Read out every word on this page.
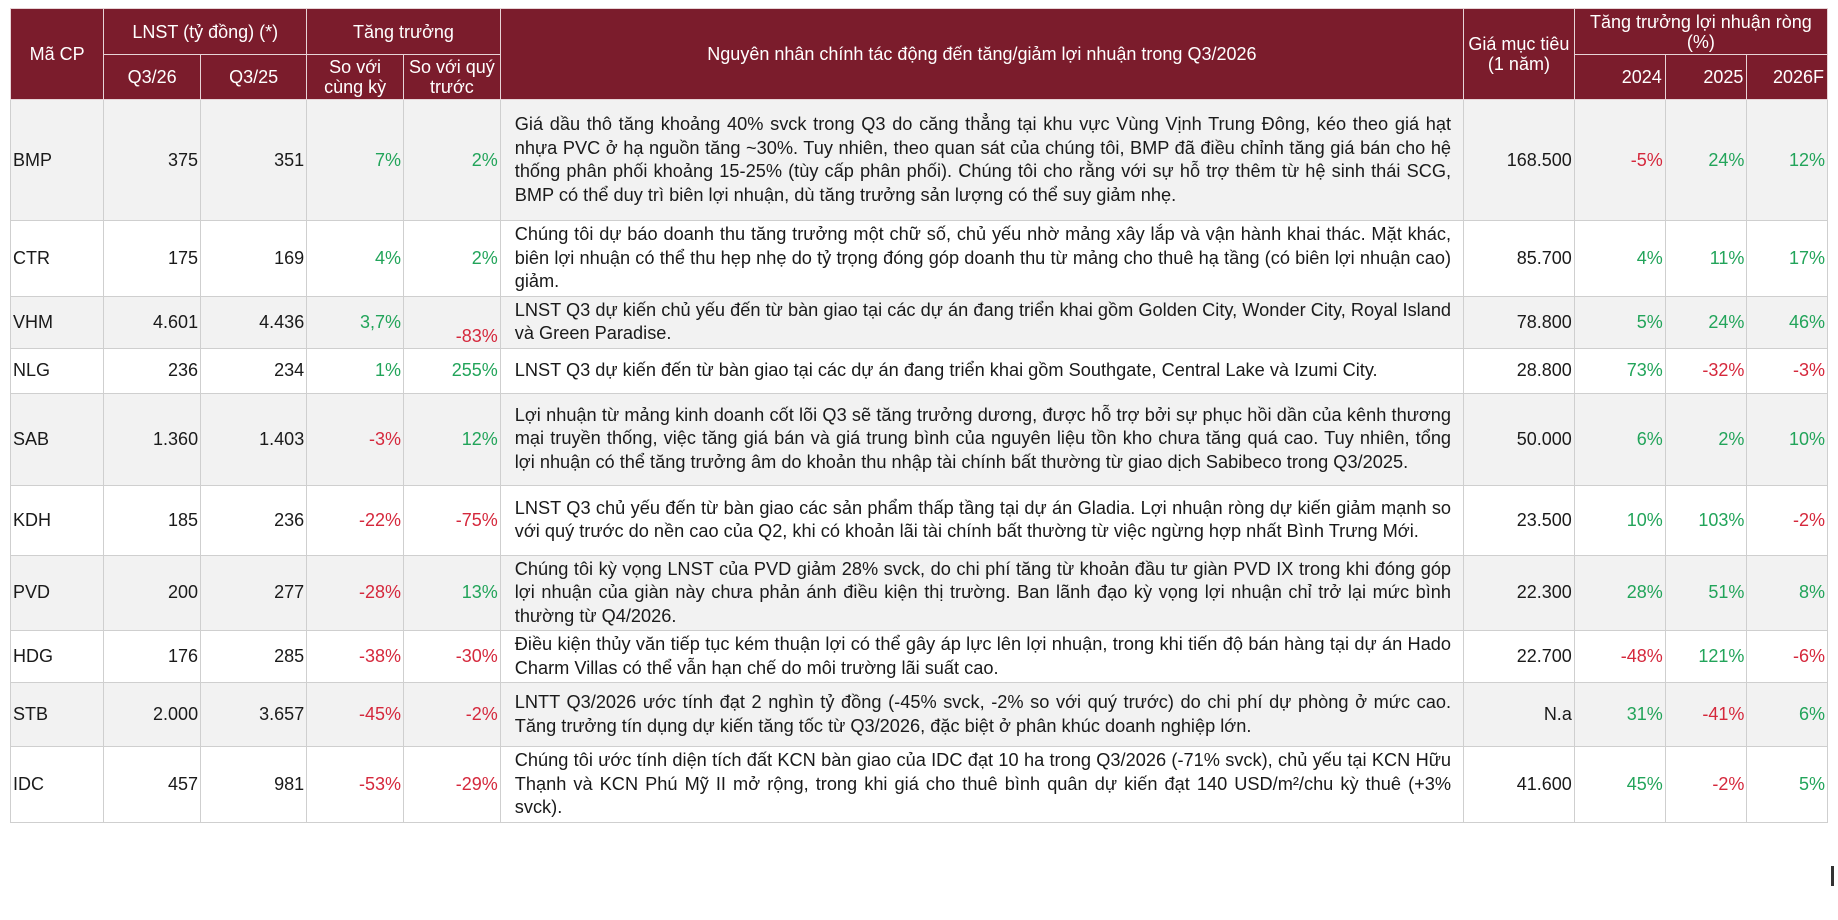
Mã CP	LNST (tỷ đồng) (*)		Tăng trưởng		Nguyên nhân chính tác động đến tăng/giảm lợi nhuận trong Q3/2026	Giá mục tiêu (1 năm)	Tăng trưởng lợi nhuận ròng (%)		
	Q3/26	Q3/25	So với cùng kỳ	So với quý trước			2024	2025	2026F
BMP	375	351	7%	2%	Giá dầu thô tăng khoảng 40% svck trong Q3 do căng thẳng tại khu vực Vùng Vịnh Trung Đông, kéo theo giá hạt nhựa PVC ở hạ nguồn tăng ~30%. Tuy nhiên, theo quan sát của chúng tôi, BMP đã điều chỉnh tăng giá bán cho hệ thống phân phối khoảng 15-25% (tùy cấp phân phối). Chúng tôi cho rằng với sự hỗ trợ thêm từ hệ sinh thái SCG, BMP có thể duy trì biên lợi nhuận, dù tăng trưởng sản lượng có thể suy giảm nhẹ.	168.500	-5%	24%	12%
CTR	175	169	4%	2%	Chúng tôi dự báo doanh thu tăng trưởng một chữ số, chủ yếu nhờ mảng xây lắp và vận hành khai thác. Mặt khác, biên lợi nhuận có thể thu hẹp nhẹ do tỷ trọng đóng góp doanh thu từ mảng cho thuê hạ tầng (có biên lợi nhuận cao) giảm.	85.700	4%	11%	17%
VHM	4.601	4.436	3,7%	-83%	LNST Q3 dự kiến chủ yếu đến từ bàn giao tại các dự án đang triển khai gồm Golden City, Wonder City, Royal Island và Green Paradise.	78.800	5%	24%	46%
NLG	236	234	1%	255%	LNST Q3 dự kiến đến từ bàn giao tại các dự án đang triển khai gồm Southgate, Central Lake và Izumi City.	28.800	73%	-32%	-3%
SAB	1.360	1.403	-3%	12%	Lợi nhuận từ mảng kinh doanh cốt lõi Q3 sẽ tăng trưởng dương, được hỗ trợ bởi sự phục hồi dần của kênh thương mại truyền thống, việc tăng giá bán và giá trung bình của nguyên liệu tồn kho chưa tăng quá cao. Tuy nhiên, tổng lợi nhuận có thể tăng trưởng âm do khoản thu nhập tài chính bất thường từ giao dịch Sabibeco trong Q3/2025.	50.000	6%	2%	10%
KDH	185	236	-22%	-75%	LNST Q3 chủ yếu đến từ bàn giao các sản phẩm thấp tầng tại dự án Gladia. Lợi nhuận ròng dự kiến giảm mạnh so với quý trước do nền cao của Q2, khi có khoản lãi tài chính bất thường từ việc ngừng hợp nhất Bình Trưng Mới.	23.500	10%	103%	-2%
PVD	200	277	-28%	13%	Chúng tôi kỳ vọng LNST của PVD giảm 28% svck, do chi phí tăng từ khoản đầu tư giàn PVD IX trong khi đóng góp lợi nhuận của giàn này chưa phản ánh điều kiện thị trường. Ban lãnh đạo kỳ vọng lợi nhuận chỉ trở lại mức bình thường từ Q4/2026.	22.300	28%	51%	8%
HDG	176	285	-38%	-30%	Điều kiện thủy văn tiếp tục kém thuận lợi có thể gây áp lực lên lợi nhuận, trong khi tiến độ bán hàng tại dự án Hado Charm Villas có thể vẫn hạn chế do môi trường lãi suất cao.	22.700	-48%	121%	-6%
STB	2.000	3.657	-45%	-2%	LNTT Q3/2026 ước tính đạt 2 nghìn tỷ đồng (-45% svck, -2% so với quý trước) do chi phí dự phòng ở mức cao. Tăng trưởng tín dụng dự kiến tăng tốc từ Q3/2026, đặc biệt ở phân khúc doanh nghiệp lớn.	N.a	31%	-41%	6%
IDC	457	981	-53%	-29%	Chúng tôi ước tính diện tích đất KCN bàn giao của IDC đạt 10 ha trong Q3/2026 (-71% svck), chủ yếu tại KCN Hữu Thạnh và KCN Phú Mỹ II mở rộng, trong khi giá cho thuê bình quân dự kiến đạt 140 USD/m²/chu kỳ thuê (+3% svck).	41.600	45%	-2%	5%
